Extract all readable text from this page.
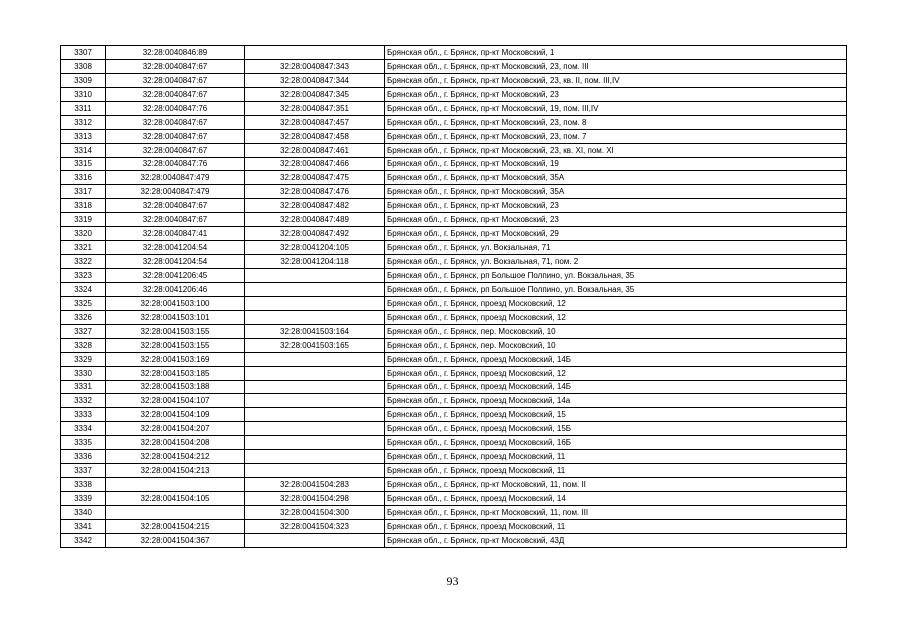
3307	32:28:0040846:89		Брянская обл., г. Брянск, пр-кт Московский, 1
3308	32:28:0040847:67	32:28:0040847:343	Брянская обл., г. Брянск, пр-кт Московский, 23, пом. III
3309	32:28:0040847:67	32:28:0040847:344	Брянская обл., г. Брянск, пр-кт Московский, 23, кв. II, пом. III,IV
3310	32:28:0040847:67	32:28:0040847:345	Брянская обл., г. Брянск, пр-кт Московский, 23
3311	32:28:0040847:76	32:28:0040847:351	Брянская обл., г. Брянск, пр-кт Московский, 19, пом. III,IV
3312	32:28:0040847:67	32:28:0040847:457	Брянская обл., г. Брянск, пр-кт Московский, 23, пом. 8
3313	32:28:0040847:67	32:28:0040847:458	Брянская обл., г. Брянск, пр-кт Московский, 23, пом. 7
3314	32:28:0040847:67	32:28:0040847:461	Брянская обл., г. Брянск, пр-кт Московский, 23, кв. XI, пом. XI
3315	32:28:0040847:76	32:28:0040847:466	Брянская обл., г. Брянск, пр-кт Московский, 19
3316	32:28:0040847:479	32:28:0040847:475	Брянская обл., г. Брянск, пр-кт Московский, 35А
3317	32:28:0040847:479	32:28:0040847:476	Брянская обл., г. Брянск, пр-кт Московский, 35А
3318	32:28:0040847:67	32:28:0040847:482	Брянская обл., г. Брянск, пр-кт Московский, 23
3319	32:28:0040847:67	32:28:0040847:489	Брянская обл., г. Брянск, пр-кт Московский, 23
3320	32:28:0040847:41	32:28:0040847:492	Брянская обл., г. Брянск, пр-кт Московский, 29
3321	32:28:0041204:54	32:28:0041204:105	Брянская обл., г. Брянск, ул. Вокзальная, 71
3322	32:28:0041204:54	32:28:0041204:118	Брянская обл., г. Брянск, ул. Вокзальная, 71, пом. 2
3323	32:28:0041206:45		Брянская обл., г. Брянск, рп Большое Полпино, ул. Вокзальная, 35
3324	32:28:0041206:46		Брянская обл., г. Брянск, рп Большое Полпино, ул. Вокзальная, 35
3325	32:28:0041503:100		Брянская обл., г. Брянск, проезд Московский, 12
3326	32:28:0041503:101		Брянская обл., г. Брянск, проезд Московский, 12
3327	32:28:0041503:155	32:28:0041503:164	Брянская обл., г. Брянск, пер. Московский, 10
3328	32:28:0041503:155	32:28:0041503:165	Брянская обл., г. Брянск, пер. Московский, 10
3329	32:28:0041503:169		Брянская обл., г. Брянск, проезд Московский, 14Б
3330	32:28:0041503:185		Брянская обл., г. Брянск, проезд Московский, 12
3331	32:28:0041503:188		Брянская обл., г. Брянск, проезд Московский, 14Б
3332	32:28:0041504:107		Брянская обл., г. Брянск, проезд Московский, 14а
3333	32:28:0041504:109		Брянская обл., г. Брянск, проезд Московский, 15
3334	32:28:0041504:207		Брянская обл., г. Брянск, проезд Московский, 15Б
3335	32:28:0041504:208		Брянская обл., г. Брянск, проезд Московский, 16Б
3336	32:28:0041504:212		Брянская обл., г. Брянск, проезд Московский, 11
3337	32:28:0041504:213		Брянская обл., г. Брянск, проезд Московский, 11
3338		32:28:0041504:283	Брянская обл., г. Брянск, пр-кт Московский, 11, пом. II
3339	32:28:0041504:105	32:28:0041504:298	Брянская обл., г. Брянск, проезд Московский, 14
3340		32:28:0041504:300	Брянская обл., г. Брянск, пр-кт Московский, 11, пом. III
3341	32:28:0041504:215	32:28:0041504:323	Брянская обл., г. Брянск, проезд Московский, 11
3342	32:28:0041504:367		Брянская обл., г. Брянск, пр-кт Московский, 43Д
93
